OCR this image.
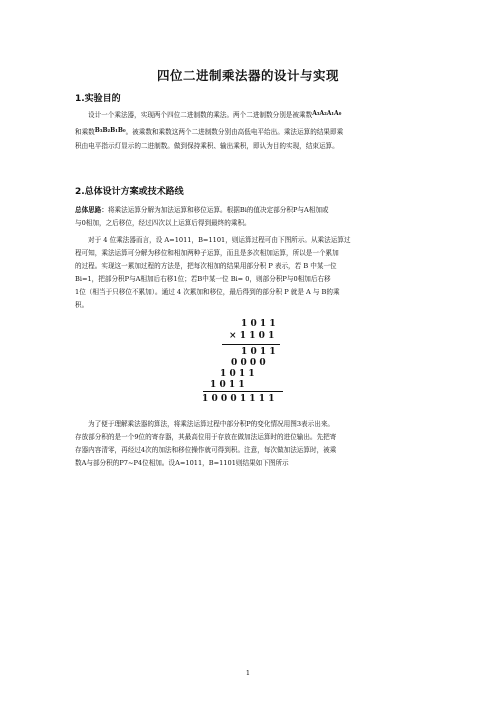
四位二进制乘法器的设计与实现
1.实验目的
设计一个乘法器，实现两个四位二进制数的乘法。两个二进制数分别是被乘数A₃A₂A₁A₀
和乘数B₃B₂B₁B₀。被乘数和乘数这两个二进制数分别由高低电平给出。乘法运算的结果即乘
积由电平指示灯显示的二进制数。做到保持乘积、输出乘积，即认为目的实现，结束运算。
2.总体设计方案或技术路线
总体思路：将乘法运算分解为加法运算和移位运算。根据Bi的值决定部分积P与A相加或
与0相加，之后移位，经过四次以上运算后得到最终的乘积。
对于 4 位乘法器而言，设 A=1011，B=1101，则运算过程可由下图所示。从乘法运算过
程可知，乘法运算可分解为移位和相加两种子运算，而且是多次相加运算，所以是一个累加
的过程。实现这一累加过程的方法是，把每次相加的结果用部分积 P 表示，若 B 中某一位
Bi=1，把部分积P与A相加后右移1位；若B中某一位 Bi= 0，则部分积P与0相加后右移
1位（相当于只移位不累加）。通过 4 次累加和移位，最后得到的部分积 P 就是 A 与 B的乘
积。
1011
×1101
1011
0000
1011
1011
10001111
为了便于理解乘法器的算法，将乘法运算过程中部分积P的变化情况用图3表示出来。
存放部分积的是一个9位的寄存器，其最高位用于存放在做加法运算时的进位输出。先把寄
存器内容清零，再经过4次的加法和移位操作就可得到积。注意，每次做加法运算时，被乘
数A与部分积的P7~P4位相加。设A=1011，B=1101则结果如下图所示
1
